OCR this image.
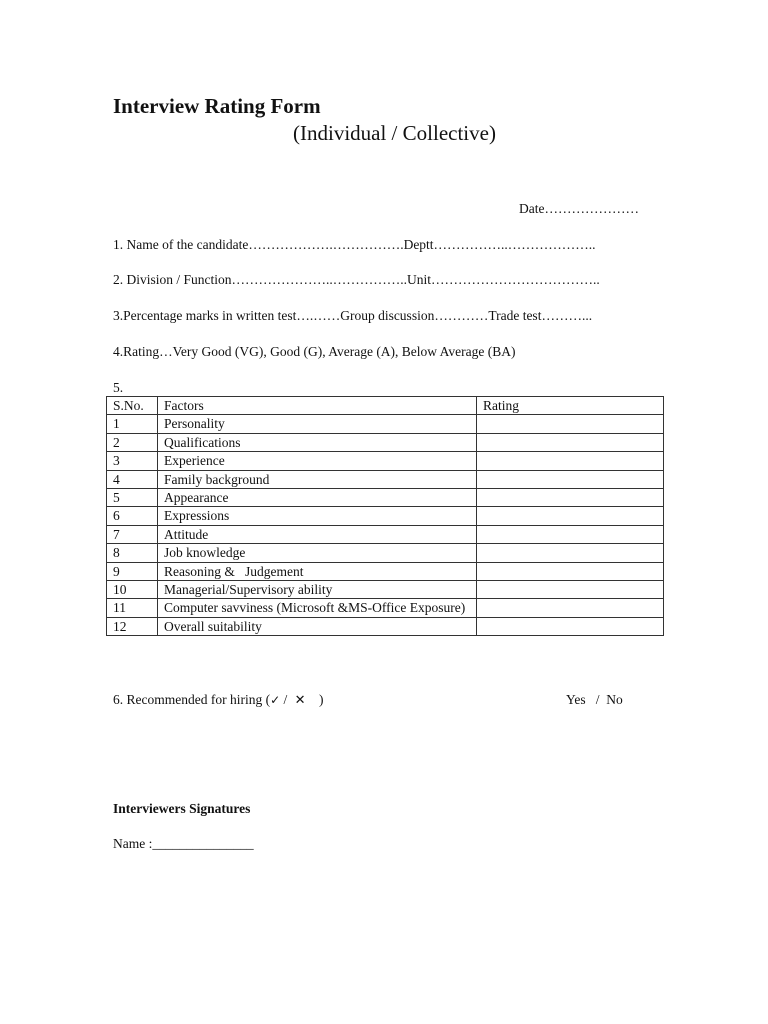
Interview Rating Form
(Individual / Collective)
Date…………………
1. Name of the candidate……………….…………….Deptt……………..………………..
2. Division / Function…………………..……………..Unit………………………………..
3.Percentage marks in written test….……Group discussion…………Trade test………...
4.Rating…Very Good (VG), Good (G), Average (A), Below Average (BA)
5.
S.No.	Factors	Rating
1	Personality	
2	Qualifications	
3	Experience	
4	Family background	
5	Appearance	
6	Expressions	
7	Attitude	
8	Job knowledge	
9	Reasoning &   Judgement	
10	Managerial/Supervisory ability	
11	Computer savviness (Microsoft &MS-Office Exposure)	
12	Overall suitability	
6. Recommended for hiring (✓ / ✕ )	Yes   /  No
Interviewers Signatures
Name :_______________
